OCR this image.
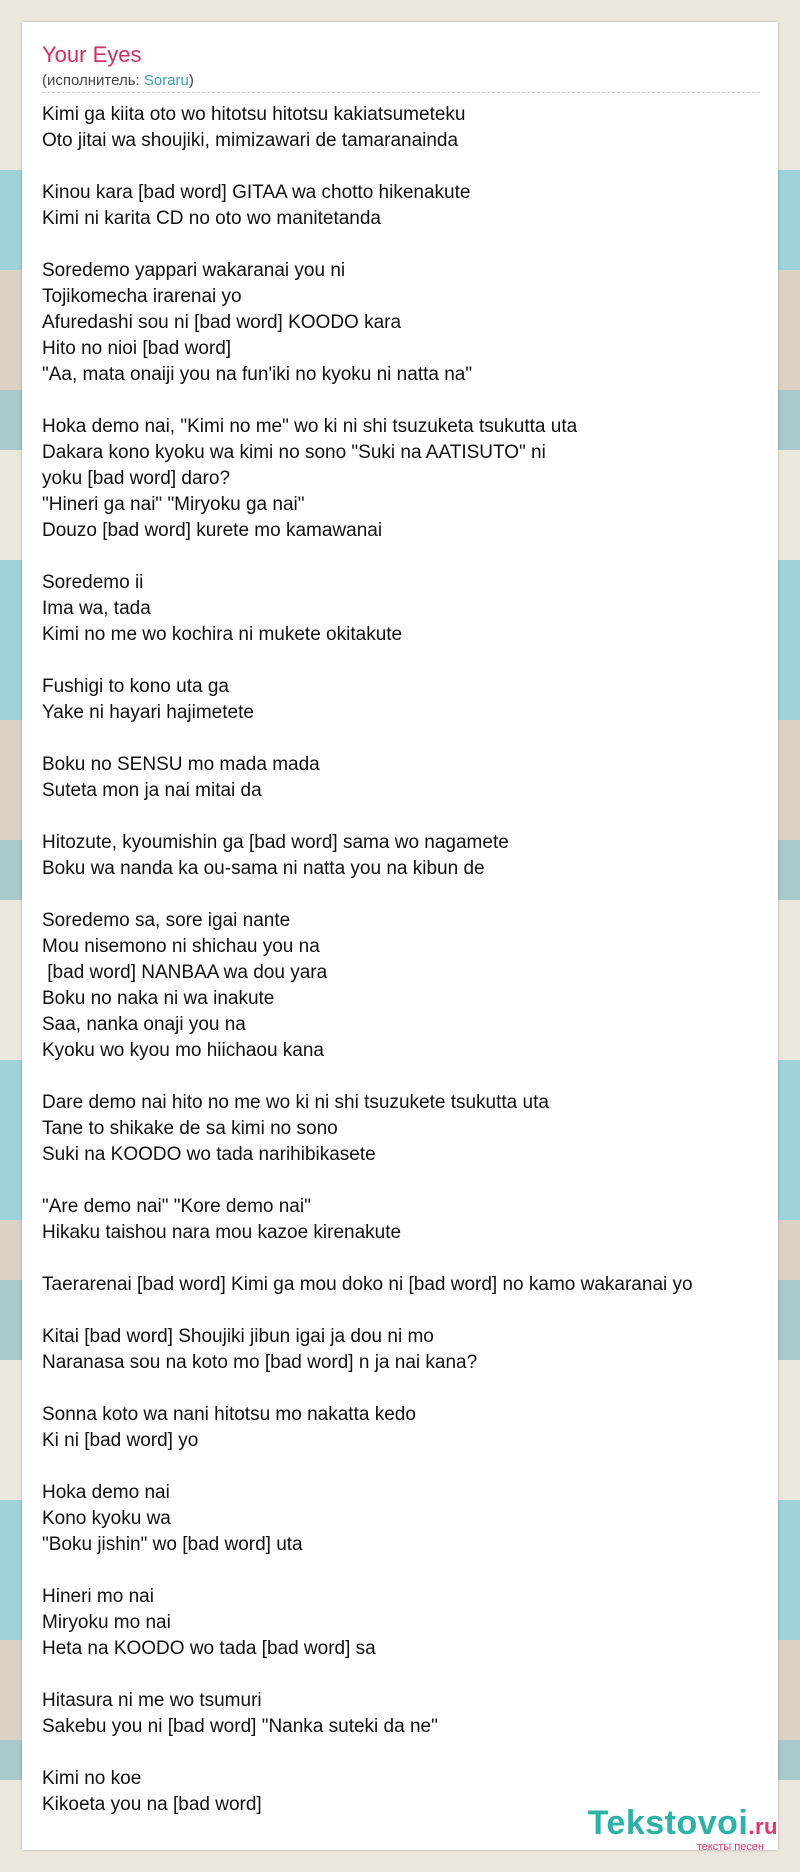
Your Eyes
(исполнитель: Soraru)
Kimi ga kiita oto wo hitotsu hitotsu kakiatsumeteku
Oto jitai wa shoujiki, mimizawari de tamaranainda
Kinou kara [bad word] GITAA wa chotto hikenakute
Kimi ni karita CD no oto wo manitetanda
Soredemo yappari wakaranai you ni
Tojikomecha irarenai yo
Afuredashi sou ni [bad word] KOODO kara
Hito no nioi [bad word]
"Aa, mata onaiji you na fun'iki no kyoku ni natta na"
Hoka demo nai, "Kimi no me" wo ki ni shi tsuzuketa tsukutta uta
Dakara kono kyoku wa kimi no sono "Suki na AATISUTO" ni
yoku [bad word] daro?
"Hineri ga nai" "Miryoku ga nai"
Douzo [bad word] kurete mo kamawanai
Soredemo ii
Ima wa, tada
Kimi no me wo kochira ni mukete okitakute
Fushigi to kono uta ga
Yake ni hayari hajimetete
Boku no SENSU mo mada mada
Suteta mon ja nai mitai da
Hitozute, kyoumishin ga [bad word] sama wo nagamete
Boku wa nanda ka ou-sama ni natta you na kibun de
Soredemo sa, sore igai nante
Mou nisemono ni shichau you na
[bad word] NANBAA wa dou yara
Boku no naka ni wa inakute
Saa, nanka onaji you na
Kyoku wo kyou mo hiichaou kana
Dare demo nai hito no me wo ki ni shi tsuzukete tsukutta uta
Tane to shikake de sa kimi no sono
Suki na KOODO wo tada narihibikasete
"Are demo nai" "Kore demo nai"
Hikaku taishou nara mou kazoe kirenakute
Taerarenai [bad word] Kimi ga mou doko ni [bad word] no kamo wakaranai yo
Kitai [bad word] Shoujiki jibun igai ja dou ni mo
Naranasa sou na koto mo [bad word] n ja nai kana?
Sonna koto wa nani hitotsu mo nakatta kedo
Ki ni [bad word] yo
Hoka demo nai
Kono kyoku wa
"Boku jishin" wo [bad word] uta
Hineri mo nai
Miryoku mo nai
Heta na KOODO wo tada [bad word] sa
Hitasura ni me wo tsumuri
Sakebu you ni [bad word] "Nanka suteki da ne"
Kimi no koe
Kikoeta you na [bad word]	Tekstovoi.ru
тексты песен
